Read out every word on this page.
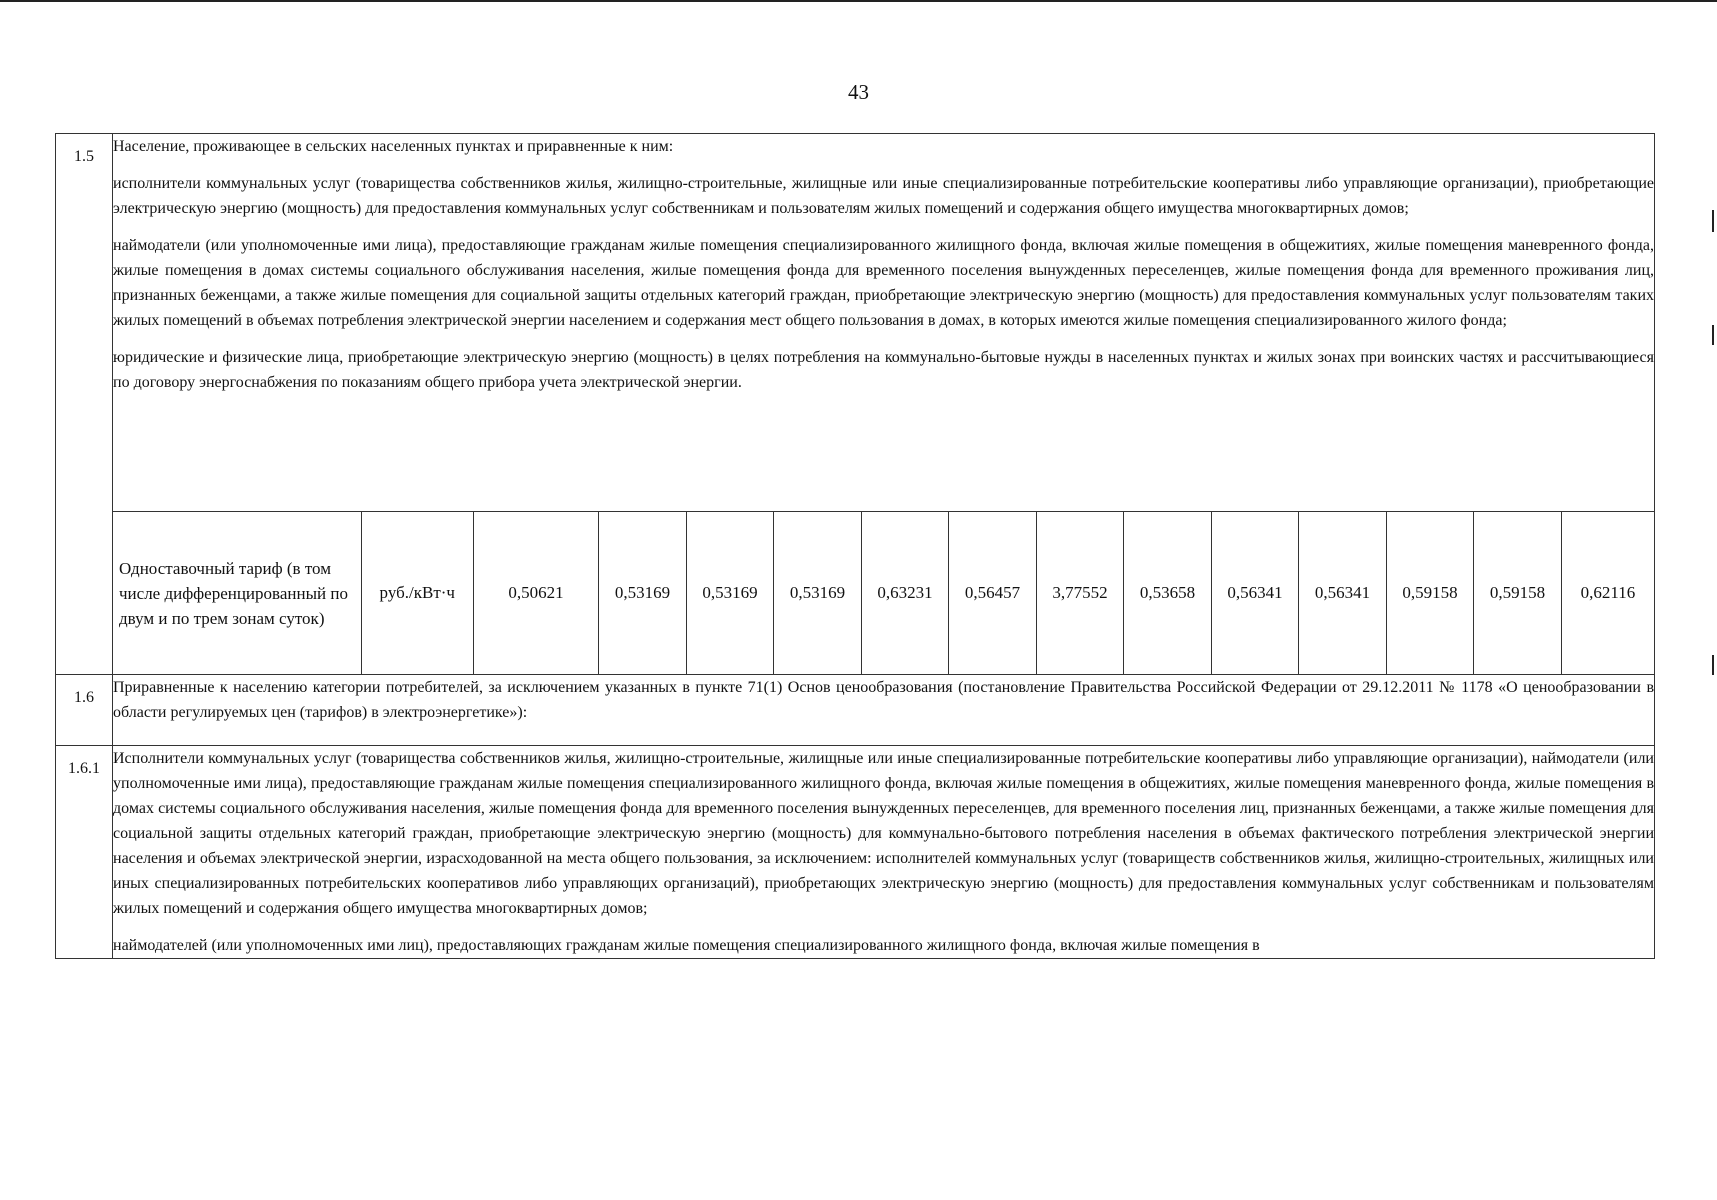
43
1.5	

Население, проживающее в сельских населенных пунктах и приравненные к ним:

исполнители коммунальных услуг (товарищества собственников жилья, жилищно-строительные, жилищные или иные специализированные потребительские кооперативы либо управляющие организации), приобретающие электрическую энергию (мощность) для предоставления коммунальных услуг собственникам и пользователям жилых помещений и содержания общего имущества многоквартирных домов;

наймодатели (или уполномоченные ими лица), предоставляющие гражданам жилые помещения специализированного жилищного фонда, включая жилые помещения в общежитиях, жилые помещения маневренного фонда, жилые помещения в домах системы социального обслуживания населения, жилые помещения фонда для временного поселения вынужденных переселенцев, жилые помещения фонда для временного проживания лиц, признанных беженцами, а также жилые помещения для социальной защиты отдельных категорий граждан, приобретающие электрическую энергию (мощность) для предоставления коммунальных услуг пользователям таких жилых помещений в объемах потребления электрической энергии населением и содержания мест общего пользования в домах, в которых имеются жилые помещения специализированного жилого фонда;

юридические и физические лица, приобретающие электрическую энергию (мощность) в целях потребления на коммунально-бытовые нужды в населенных пунктах и жилых зонах при воинских частях и рассчитывающиеся по договору энергоснабжения по показаниям общего прибора учета электрической энергии.

Одноставочный тариф (в том числе дифференцированный по двум и по трем зонам суток)	руб./кВт·ч	0,50621	0,53169	0,53169	0,53169	0,63231	0,56457	3,77552	0,53658	0,56341	0,56341	0,59158	0,59158	0,62116

1.6	

Приравненные к населению категории потребителей, за исключением указанных в пункте 71(1) Основ ценообразования (постановление Правительства Российской Федерации от 29.12.2011 № 1178 «О ценообразовании в области регулируемых цен (тарифов) в электроэнергетике»):

1.6.1	

Исполнители коммунальных услуг (товарищества собственников жилья, жилищно-строительные, жилищные или иные специализированные потребительские кооперативы либо управляющие организации), наймодатели (или уполномоченные ими лица), предоставляющие гражданам жилые помещения специализированного жилищного фонда, включая жилые помещения в общежитиях, жилые помещения маневренного фонда, жилые помещения в домах системы социального обслуживания населения, жилые помещения фонда для временного поселения вынужденных переселенцев, для временного поселения лиц, признанных беженцами, а также жилые помещения для социальной защиты отдельных категорий граждан, приобретающие электрическую энергию (мощность) для коммунально-бытового потребления населения в объемах фактического потребления электрической энергии населения и объемах электрической энергии, израсходованной на места общего пользования, за исключением: исполнителей коммунальных услуг (товариществ собственников жилья, жилищно-строительных, жилищных или иных специализированных потребительских кооперативов либо управляющих организаций), приобретающих электрическую энергию (мощность) для предоставления коммунальных услуг собственникам и пользователям жилых помещений и содержания общего имущества многоквартирных домов;

наймодателей (или уполномоченных ими лиц), предоставляющих гражданам жилые помещения специализированного жилищного фонда, включая жилые помещения в
